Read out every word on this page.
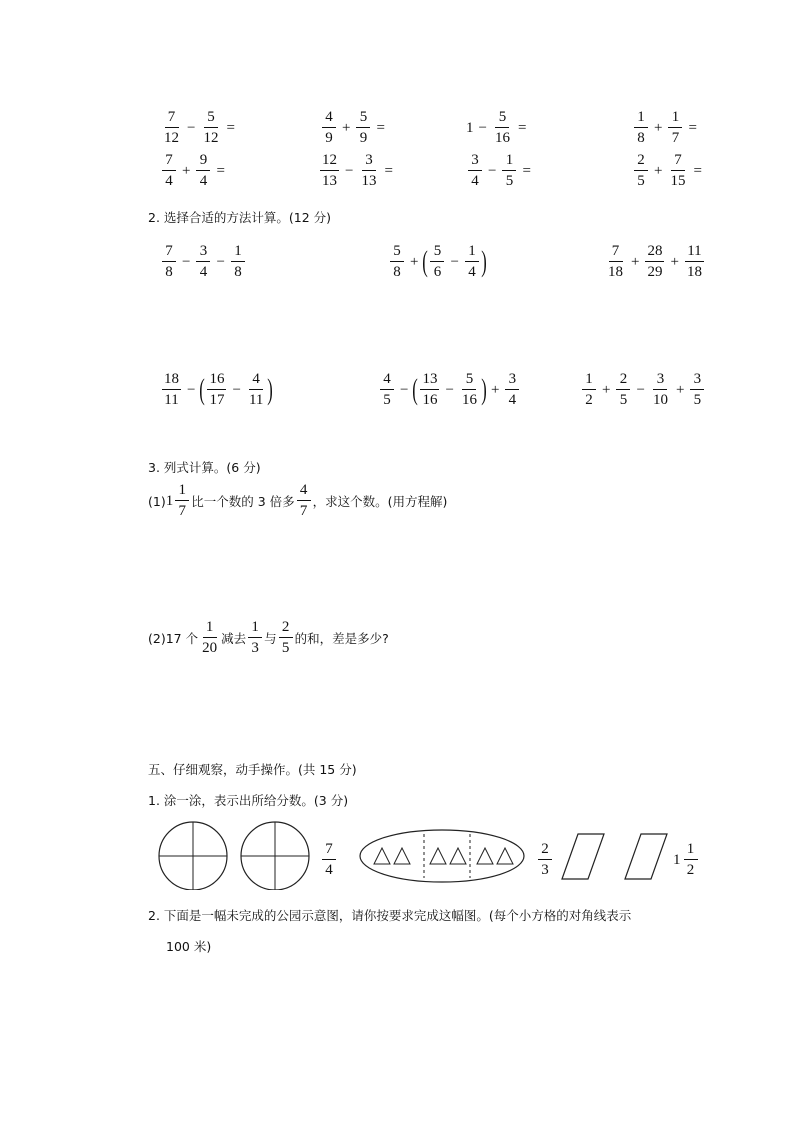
$\frac{7}{12} - \frac{5}{12}$ =	$\frac{4}{9} + \frac{5}{9}$ =	$1 - \frac{5}{16}$ =	$\frac{1}{8} + \frac{1}{7}$ =
$\frac{7}{4} + \frac{9}{4}$ =	$\frac{12}{13} - \frac{3}{13}$ =	$\frac{3}{4} - \frac{1}{5}$ =	$\frac{2}{5} + \frac{7}{15}$ =
2. 选择合适的方法计算。(12 分)
$\frac{7}{8} - \frac{3}{4} - \frac{1}{8}$	$\frac{5}{8}$ + ( $\frac{5}{6} - \frac{1}{4}$ )	$\frac{7}{18} + \frac{28}{29} + \frac{11}{18}$
$\frac{18}{11}$ − ( $\frac{16}{17} - \frac{4}{11}$ )	$\frac{4}{5}$ − ( $\frac{13}{16} - \frac{5}{16}$ ) + $\frac{3}{4}$	$\frac{1}{2} + \frac{2}{5} - \frac{3}{10} + \frac{3}{5}$
3. 列式计算。(6 分)
(1) $1 \frac{1}{7}$ 比一个数的 3 倍多 $\frac{4}{7}$ ，求这个数。(用方程解)
(2)17 个 $\frac{1}{20}$ 减去 $\frac{1}{3}$ 与 $\frac{2}{5}$ 的和，差是多少?
五、仔细观察，动手操作。(共 15 分)
1. 涂一涂，表示出所给分数。(3 分)
$\frac{7}{4}$	$\frac{2}{3}$	$1 \frac{1}{2}$
2. 下面是一幅未完成的公园示意图，请你按要求完成这幅图。(每个小方格的对角线表示
100 米)
